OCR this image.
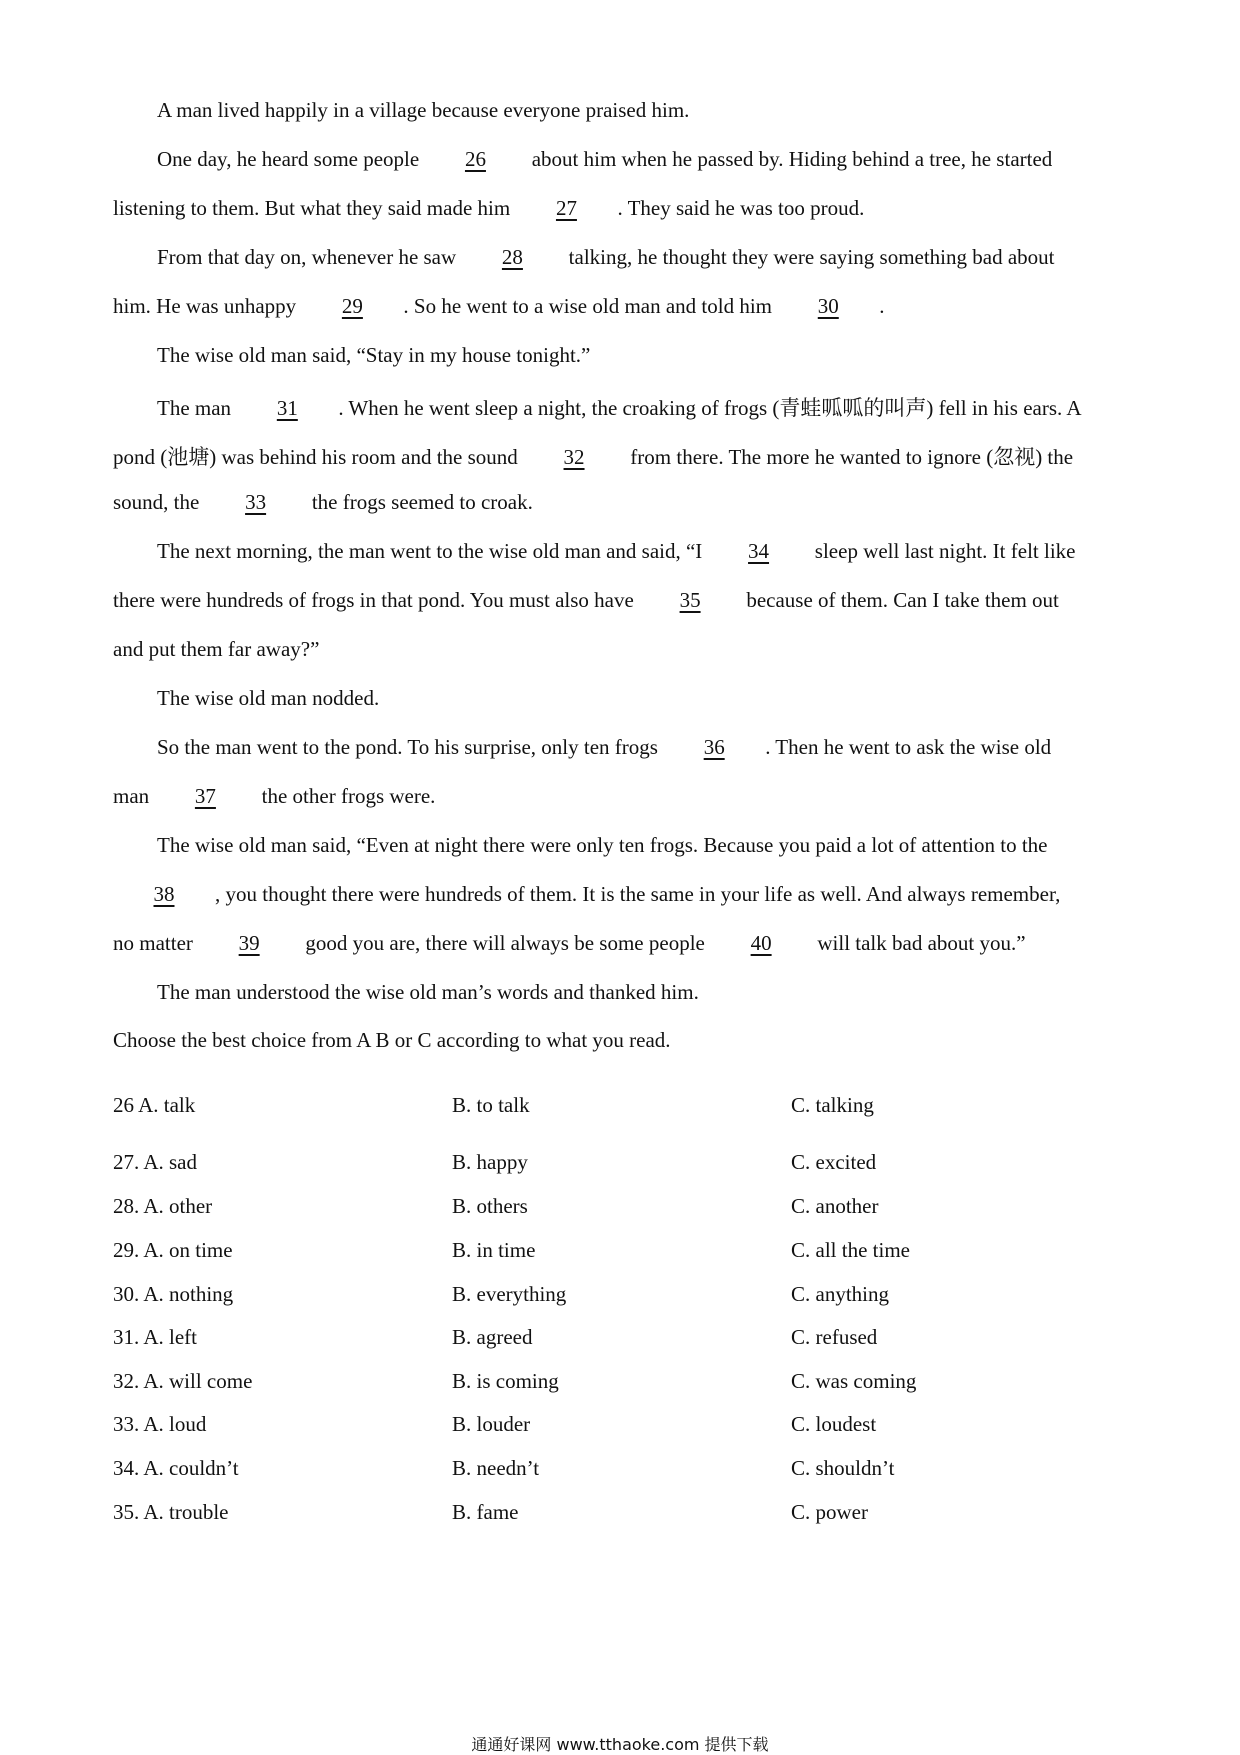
A man lived happily in a village because everyone praised him.
One day, he heard some people 26 about him when he passed by. Hiding behind a tree, he started
listening to them. But what they said made him 27 . They said he was too proud.
From that day on, whenever he saw 28 talking, he thought they were saying something bad about
him. He was unhappy 29 . So he went to a wise old man and told him 30 .
The wise old man said, “Stay in my house tonight.”
The man 31 . When he went sleep a night, the croaking of frogs (青蛙呱呱的叫声) fell in his ears. A
pond (池塘) was behind his room and the sound 32 from there. The more he wanted to ignore (忽视) the
sound, the 33 the frogs seemed to croak.
The next morning, the man went to the wise old man and said, “I 34 sleep well last night. It felt like
there were hundreds of frogs in that pond. You must also have 35 because of them. Can I take them out
and put them far away?”
The wise old man nodded.
So the man went to the pond. To his surprise, only ten frogs 36 . Then he went to ask the wise old
man 37 the other frogs were.
The wise old man said, “Even at night there were only ten frogs. Because you paid a lot of attention to the
38 , you thought there were hundreds of them. It is the same in your life as well. And always remember,
no matter 39 good you are, there will always be some people 40 will talk bad about you.”
The man understood the wise old man’s words and thanked him.
Choose the best choice from A B or C according to what you read.
26 A. talk	B. to talk	C. talking
27. A. sad	B. happy	C. excited
28. A. other	B. others	C. another
29. A. on time	B. in time	C. all the time
30. A. nothing	B. everything	C. anything
31. A. left	B. agreed	C. refused
32. A. will come	B. is coming	C. was coming
33. A. loud	B. louder	C. loudest
34. A. couldn’t	B. needn’t	C. shouldn’t
35. A. trouble	B. fame	C. power
通通好课网 www.tthaoke.com 提供下载
